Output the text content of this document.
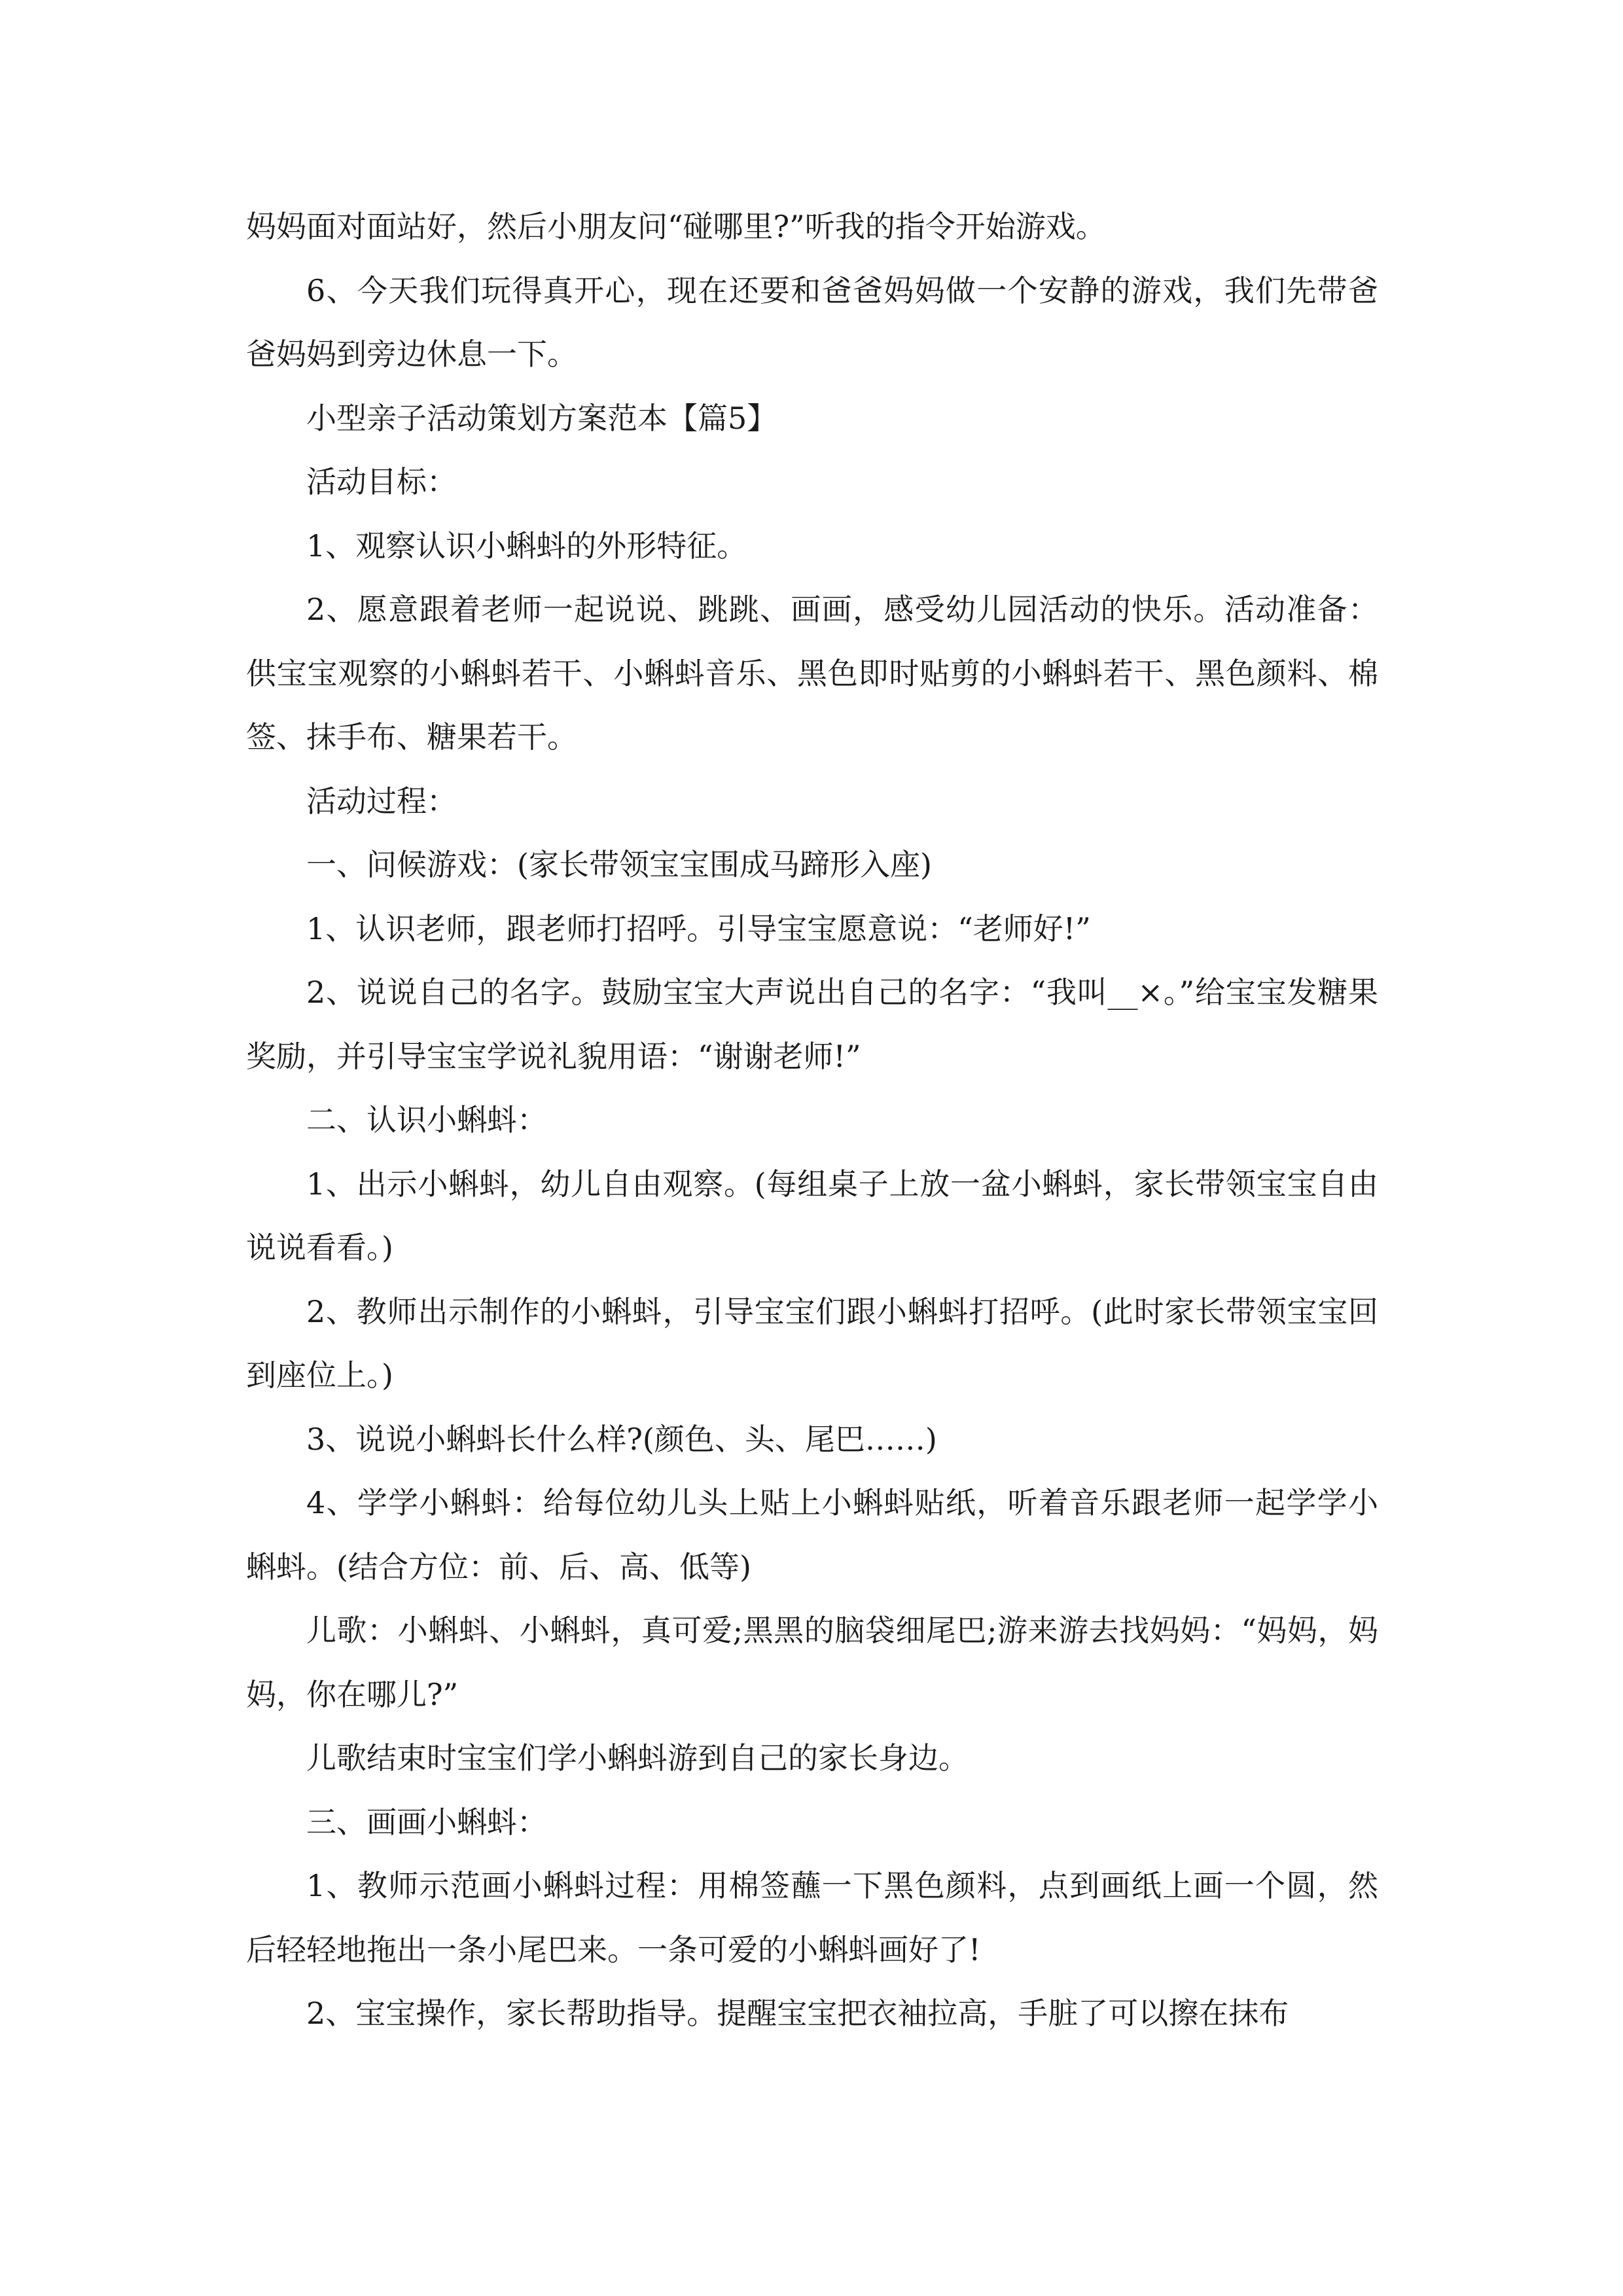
妈妈面对面站好，然后小朋友问“碰哪里?”听我的指令开始游戏。

6、今天我们玩得真开心，现在还要和爸爸妈妈做一个安静的游戏，我们先带爸爸妈妈到旁边休息一下。

小型亲子活动策划方案范本【篇5】

活动目标：

1、观察认识小蝌蚪的外形特征。

2、愿意跟着老师一起说说、跳跳、画画，感受幼儿园活动的快乐。活动准备：供宝宝观察的小蝌蚪若干、小蝌蚪音乐、黑色即时贴剪的小蝌蚪若干、黑色颜料、棉签、抹手布、糖果若干。

活动过程：

一、问候游戏：(家长带领宝宝围成马蹄形入座)

1、认识老师，跟老师打招呼。引导宝宝愿意说：“老师好!”

2、说说自己的名字。鼓励宝宝大声说出自己的名字：“我叫__×。”给宝宝发糖果奖励，并引导宝宝学说礼貌用语：“谢谢老师!”

二、认识小蝌蚪：

1、出示小蝌蚪，幼儿自由观察。(每组桌子上放一盆小蝌蚪，家长带领宝宝自由说说看看。)

2、教师出示制作的小蝌蚪，引导宝宝们跟小蝌蚪打招呼。(此时家长带领宝宝回到座位上。)

3、说说小蝌蚪长什么样?(颜色、头、尾巴……)

4、学学小蝌蚪：给每位幼儿头上贴上小蝌蚪贴纸，听着音乐跟老师一起学学小蝌蚪。(结合方位：前、后、高、低等)

儿歌：小蝌蚪、小蝌蚪，真可爱;黑黑的脑袋细尾巴;游来游去找妈妈：“妈妈，妈妈，你在哪儿?”

儿歌结束时宝宝们学小蝌蚪游到自己的家长身边。

三、画画小蝌蚪：

1、教师示范画小蝌蚪过程：用棉签蘸一下黑色颜料，点到画纸上画一个圆，然后轻轻地拖出一条小尾巴来。一条可爱的小蝌蚪画好了!

2、宝宝操作，家长帮助指导。提醒宝宝把衣袖拉高，手脏了可以擦在抹布
